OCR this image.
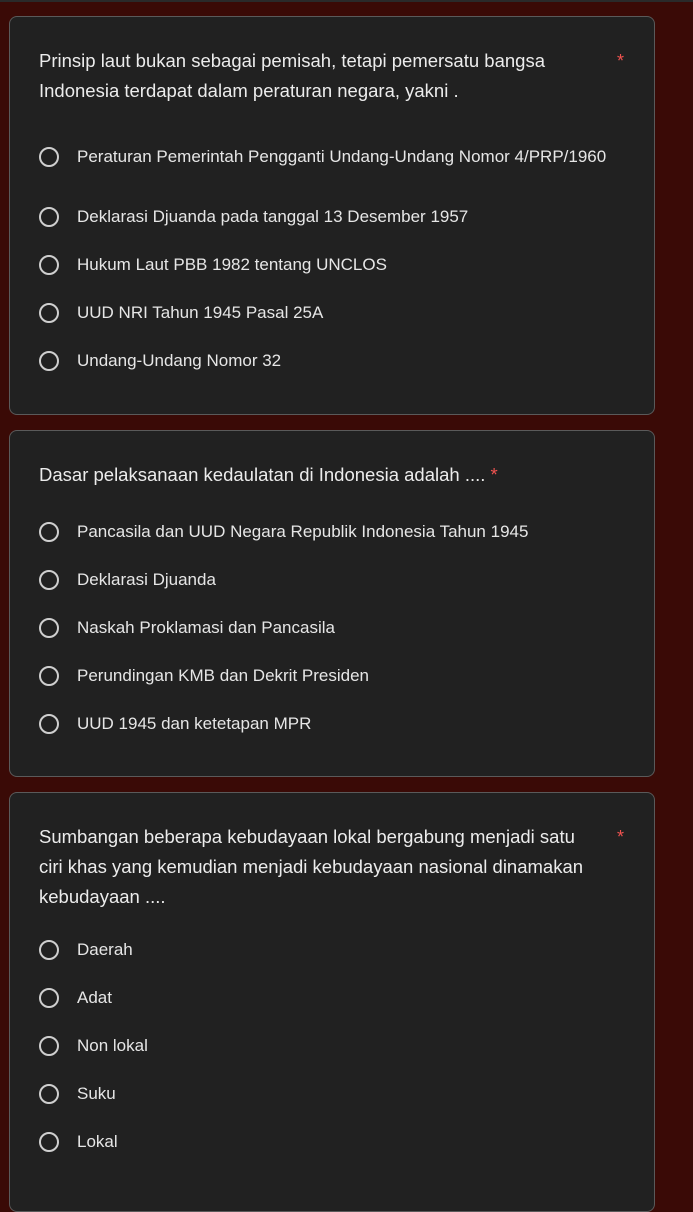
Prinsip laut bukan sebagai pemisah, tetapi pemersatu bangsa Indonesia terdapat dalam peraturan negara, yakni .
*
Peraturan Pemerintah Pengganti Undang-Undang Nomor 4/PRP/1960
Deklarasi Djuanda pada tanggal 13 Desember 1957
Hukum Laut PBB 1982 tentang UNCLOS
UUD NRI Tahun 1945 Pasal 25A
Undang-Undang Nomor 32
Dasar pelaksanaan kedaulatan di Indonesia adalah .... *
Pancasila dan UUD Negara Republik Indonesia Tahun 1945
Deklarasi Djuanda
Naskah Proklamasi dan Pancasila
Perundingan KMB dan Dekrit Presiden
UUD 1945 dan ketetapan MPR
Sumbangan beberapa kebudayaan lokal bergabung menjadi satu ciri khas yang kemudian menjadi kebudayaan nasional dinamakan kebudayaan ....
*
Daerah
Adat
Non lokal
Suku
Lokal
